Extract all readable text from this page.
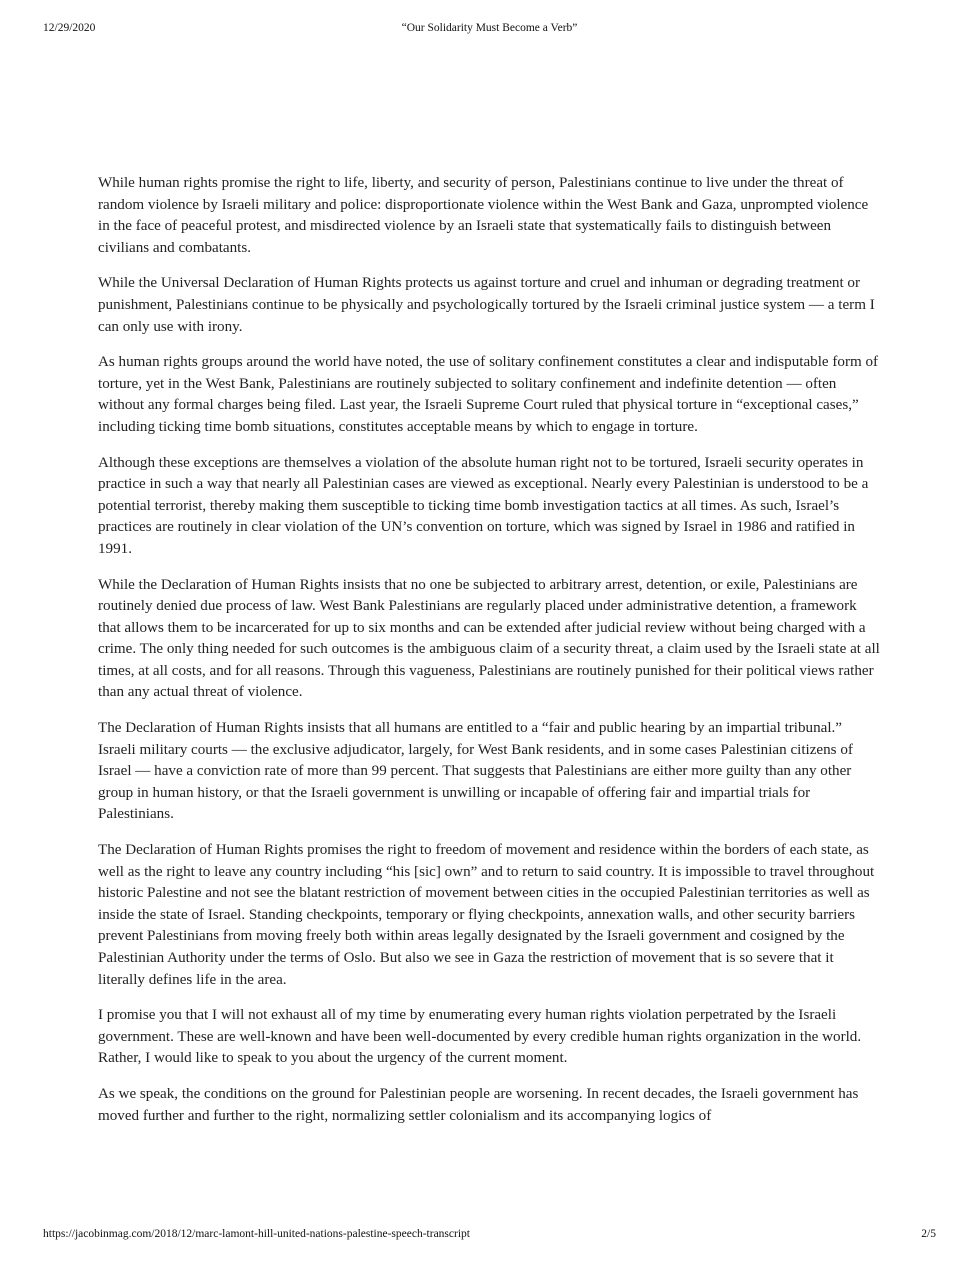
12/29/2020	“Our Solidarity Must Become a Verb”

While human rights promise the right to life, liberty, and security of person, Palestinians continue to live under the threat of random violence by Israeli military and police: disproportionate violence within the West Bank and Gaza, unprompted violence in the face of peaceful protest, and misdirected violence by an Israeli state that systematically fails to distinguish between civilians and combatants.

While the Universal Declaration of Human Rights protects us against torture and cruel and inhuman or degrading treatment or punishment, Palestinians continue to be physically and psychologically tortured by the Israeli criminal justice system — a term I can only use with irony.

As human rights groups around the world have noted, the use of solitary confinement constitutes a clear and indisputable form of torture, yet in the West Bank, Palestinians are routinely subjected to solitary confinement and indefinite detention — often without any formal charges being filed. Last year, the Israeli Supreme Court ruled that physical torture in “exceptional cases,” including ticking time bomb situations, constitutes acceptable means by which to engage in torture.

Although these exceptions are themselves a violation of the absolute human right not to be tortured, Israeli security operates in practice in such a way that nearly all Palestinian cases are viewed as exceptional. Nearly every Palestinian is understood to be a potential terrorist, thereby making them susceptible to ticking time bomb investigation tactics at all times. As such, Israel’s practices are routinely in clear violation of the UN’s convention on torture, which was signed by Israel in 1986 and ratified in 1991.

While the Declaration of Human Rights insists that no one be subjected to arbitrary arrest, detention, or exile, Palestinians are routinely denied due process of law. West Bank Palestinians are regularly placed under administrative detention, a framework that allows them to be incarcerated for up to six months and can be extended after judicial review without being charged with a crime. The only thing needed for such outcomes is the ambiguous claim of a security threat, a claim used by the Israeli state at all times, at all costs, and for all reasons. Through this vagueness, Palestinians are routinely punished for their political views rather than any actual threat of violence.

The Declaration of Human Rights insists that all humans are entitled to a “fair and public hearing by an impartial tribunal.” Israeli military courts — the exclusive adjudicator, largely, for West Bank residents, and in some cases Palestinian citizens of Israel — have a conviction rate of more than 99 percent. That suggests that Palestinians are either more guilty than any other group in human history, or that the Israeli government is unwilling or incapable of offering fair and impartial trials for Palestinians.

The Declaration of Human Rights promises the right to freedom of movement and residence within the borders of each state, as well as the right to leave any country including “his [sic] own” and to return to said country. It is impossible to travel throughout historic Palestine and not see the blatant restriction of movement between cities in the occupied Palestinian territories as well as inside the state of Israel. Standing checkpoints, temporary or flying checkpoints, annexation walls, and other security barriers prevent Palestinians from moving freely both within areas legally designated by the Israeli government and cosigned by the Palestinian Authority under the terms of Oslo. But also we see in Gaza the restriction of movement that is so severe that it literally defines life in the area.

I promise you that I will not exhaust all of my time by enumerating every human rights violation perpetrated by the Israeli government. These are well-known and have been well-documented by every credible human rights organization in the world. Rather, I would like to speak to you about the urgency of the current moment.

As we speak, the conditions on the ground for Palestinian people are worsening. In recent decades, the Israeli government has moved further and further to the right, normalizing settler colonialism and its accompanying logics of

https://jacobinmag.com/2018/12/marc-lamont-hill-united-nations-palestine-speech-transcript	2/5
